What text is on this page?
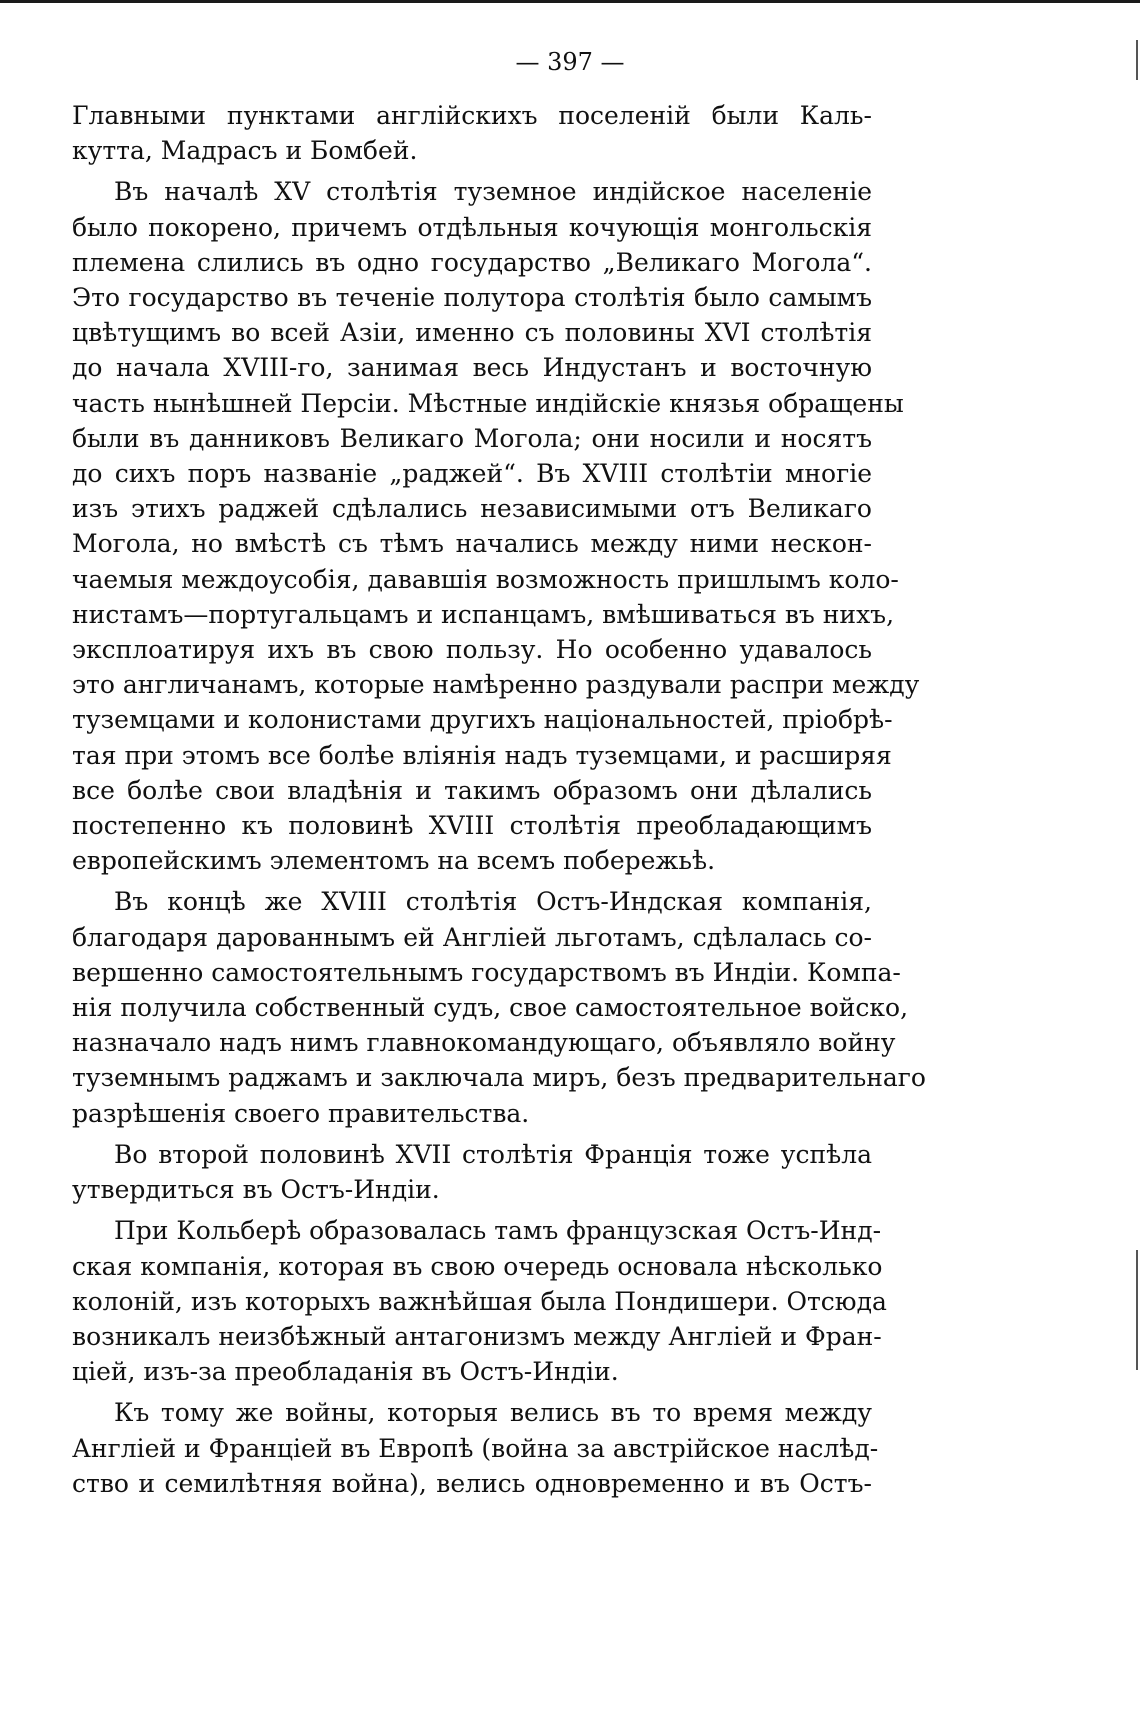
— 397 —
Главными пунктами англійскихъ поселеній были Каль-
кутта, Мадрасъ и Бомбей.
Въ началѣ XV столѣтія туземное индійское населеніе
было покорено, причемъ отдѣльныя кочующія монгольскія
племена слились въ одно государство „Великаго Могола“.
Это государство въ теченіе полутора столѣтія было самымъ
цвѣтущимъ во всей Азіи, именно съ половины XVI столѣтія
до начала XVIII-го, занимая весь Индустанъ и восточную
часть нынѣшней Персіи. Мѣстные индійскіе князья обращены
были въ данниковъ Великаго Могола; они носили и носятъ
до сихъ поръ названіе „раджей“. Въ XVIII столѣтіи многіе
изъ этихъ раджей сдѣлались независимыми отъ Великаго
Могола, но вмѣстѣ съ тѣмъ начались между ними нескон-
чаемыя междоусобія, дававшія возможность пришлымъ коло-
нистамъ—португальцамъ и испанцамъ, вмѣшиваться въ нихъ,
эксплоатируя ихъ въ свою пользу. Но особенно удавалось
это англичанамъ, которые намѣренно раздували распри между
туземцами и колонистами другихъ національностей, пріобрѣ-
тая при этомъ все болѣе вліянія надъ туземцами, и расширяя
все болѣе свои владѣнія и такимъ образомъ они дѣлались
постепенно къ половинѣ XVIII столѣтія преобладающимъ
европейскимъ элементомъ на всемъ побережьѣ.
Въ концѣ же XVIII столѣтія Остъ-Индская компанія,
благодаря дарованнымъ ей Англіей льготамъ, сдѣлалась со-
вершенно самостоятельнымъ государствомъ въ Индіи. Компа-
нія получила собственный судъ, свое самостоятельное войско,
назначало надъ нимъ главнокомандующаго, объявляло войну
туземнымъ раджамъ и заключала миръ, безъ предварительнаго
разрѣшенія своего правительства.
Во второй половинѣ XVII столѣтія Франція тоже успѣла
утвердиться въ Остъ-Индіи.
При Кольберѣ образовалась тамъ французская Остъ-Инд-
ская компанія, которая въ свою очередь основала нѣсколько
колоній, изъ которыхъ важнѣйшая была Пондишери. Отсюда
возникалъ неизбѣжный антагонизмъ между Англіей и Фран-
ціей, изъ-за преобладанія въ Остъ-Индіи.
Къ тому же войны, которыя велись въ то время между
Англіей и Франціей въ Европѣ (война за австрійское наслѣд-
ство и семилѣтняя война), велись одновременно и въ Остъ-
